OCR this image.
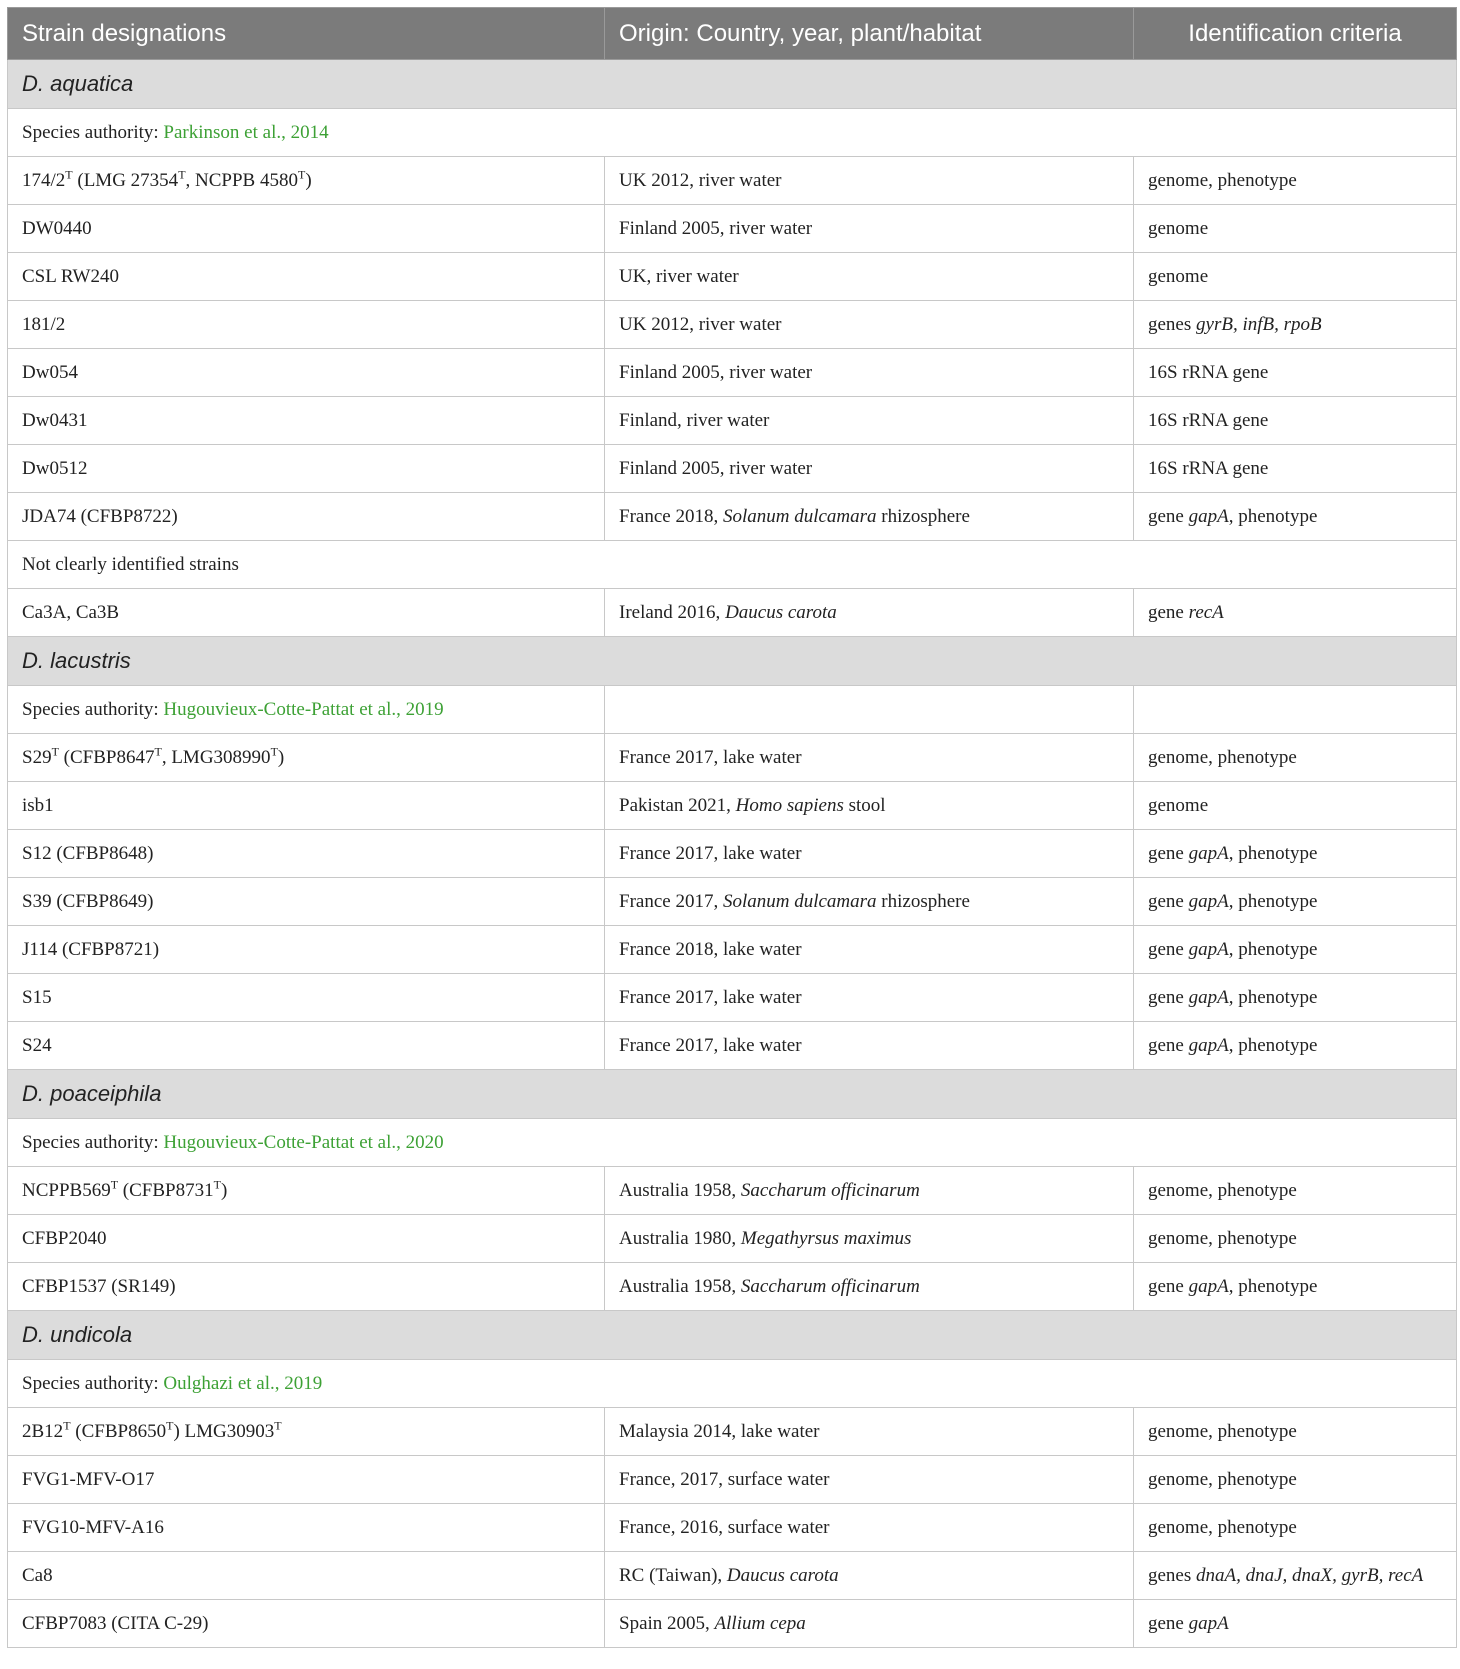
Strain designations	Origin: Country, year, plant/habitat	Identification criteria
D. aquatica		
Species authority: Parkinson et al., 2014		
$174/2^T$ (LMG $27354^T$, NCPPB $4580^T$)	UK 2012, river water	genome, phenotype
DW0440	Finland 2005, river water	genome
CSL RW240	UK, river water	genome
181/2	UK 2012, river water	genes gyrB, infB, rpoB
Dw054	Finland 2005, river water	16S rRNA gene
Dw0431	Finland, river water	16S rRNA gene
Dw0512	Finland 2005, river water	16S rRNA gene
JDA74 (CFBP8722)	France 2018, Solanum dulcamara rhizosphere	gene gapA, phenotype
Not clearly identified strains		
Ca3A, Ca3B	Ireland 2016, Daucus carota	gene recA
D. lacustris		
Species authority: Hugouvieux-Cotte-Pattat et al., 2019		
$S29^T$ ($CFBP8647^T$, $LMG308990^T$)	France 2017, lake water	genome, phenotype
isb1	Pakistan 2021, Homo sapiens stool	genome
S12 (CFBP8648)	France 2017, lake water	gene gapA, phenotype
S39 (CFBP8649)	France 2017, Solanum dulcamara rhizosphere	gene gapA, phenotype
J114 (CFBP8721)	France 2018, lake water	gene gapA, phenotype
S15	France 2017, lake water	gene gapA, phenotype
S24	France 2017, lake water	gene gapA, phenotype
D. poaceiphila		
Species authority: Hugouvieux-Cotte-Pattat et al., 2020		
$NCPPB569^T$ $(CFBP8731^T)$	Australia 1958, Saccharum officinarum	genome, phenotype
CFBP2040	Australia 1980, Megathyrsus maximus	genome, phenotype
CFBP1537 (SR149)	Australia 1958, Saccharum officinarum	gene gapA, phenotype
D. undicola		
Species authority: Oulghazi et al., 2019		
$2B12^T$ $(CFBP8650^T)$ $LMG30903^T$	Malaysia 2014, lake water	genome, phenotype
FVG1-MFV-O17	France, 2017, surface water	genome, phenotype
FVG10-MFV-A16	France, 2016, surface water	genome, phenotype
Ca8	RC (Taiwan), Daucus carota	genes dnaA, dnaJ, dnaX, gyrB, recA
CFBP7083 (CITA C-29)	Spain 2005, Allium cepa	gene gapA
